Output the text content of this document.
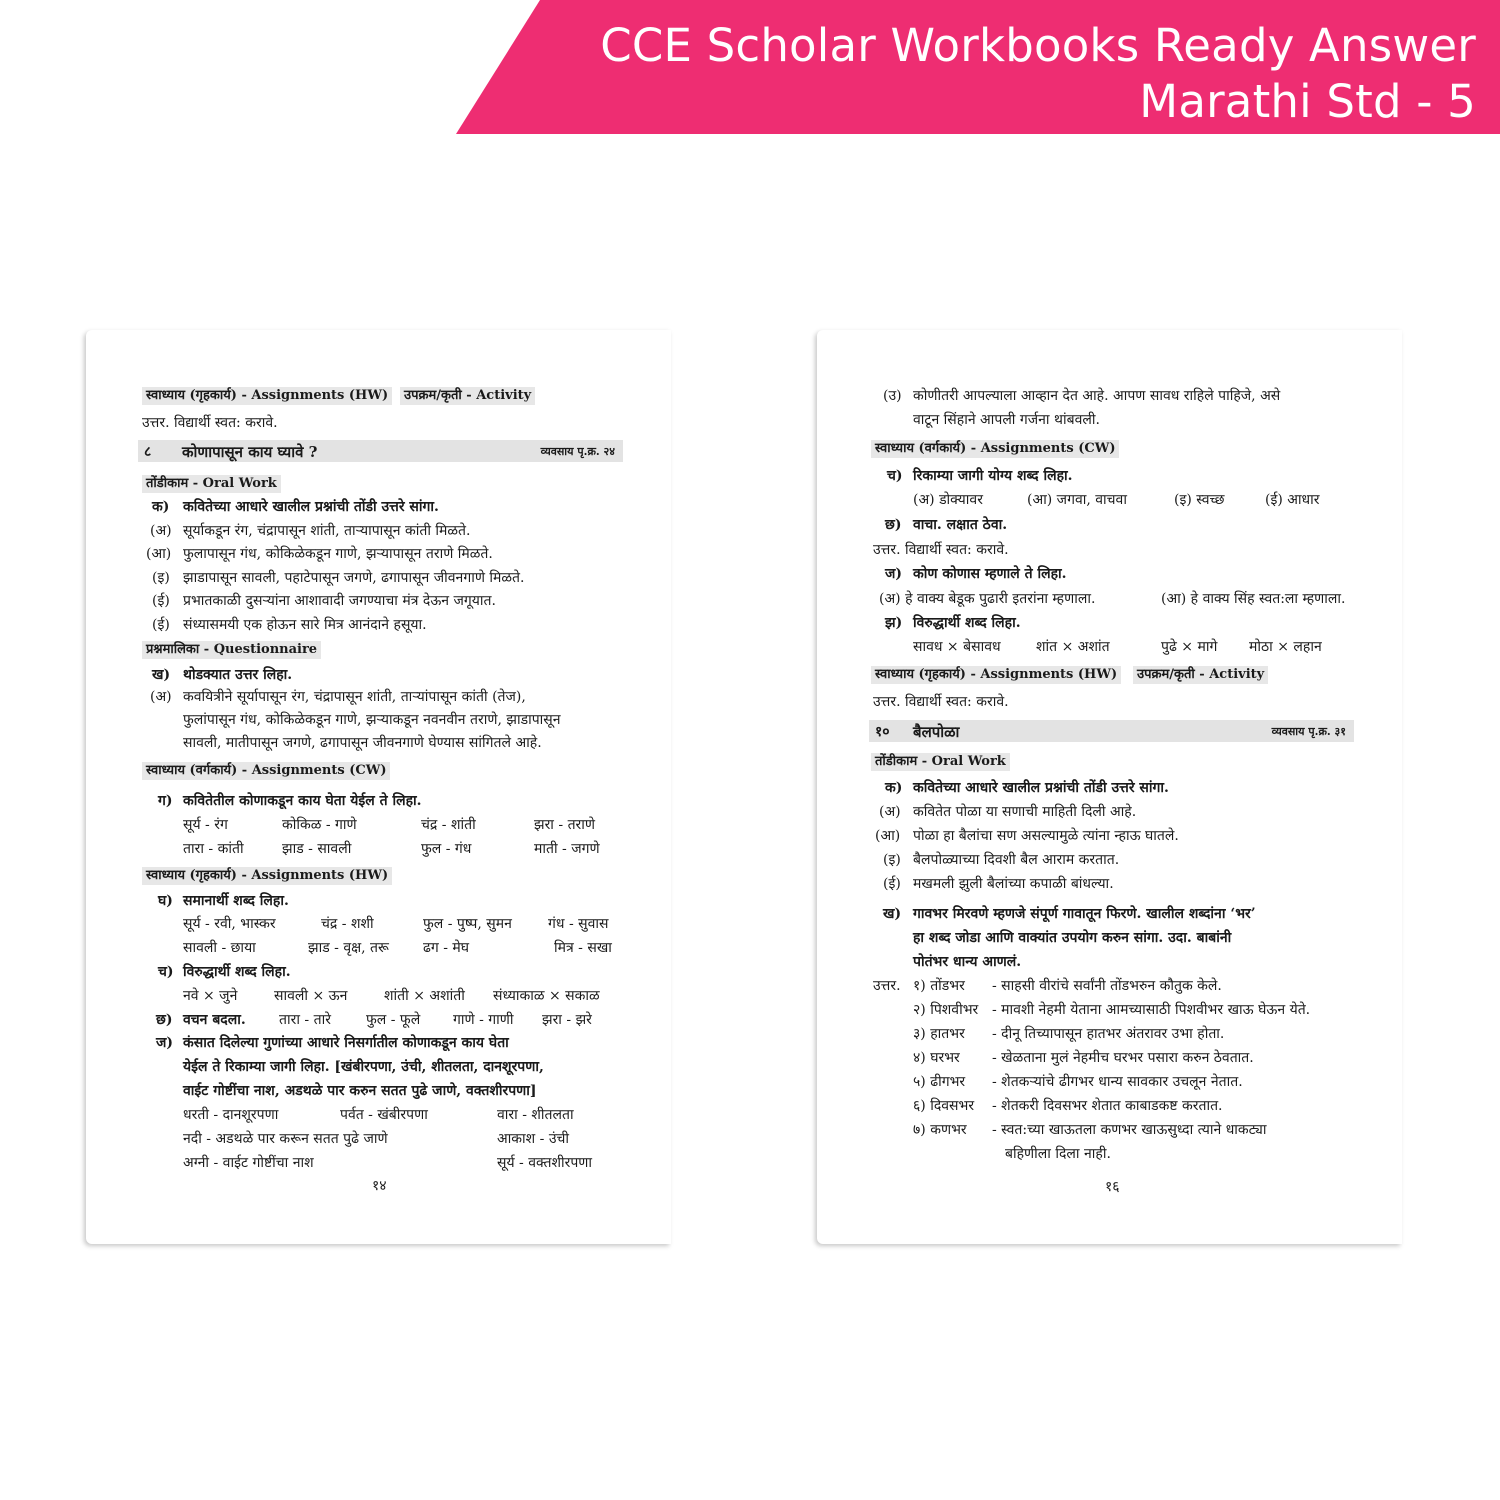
CCE Scholar Workbooks Ready Answer
Marathi Std - 5
स्वाध्याय (गृहकार्य) - Assignments (HW)	उपक्रम/कृती - Activity
उत्तर. विद्यार्थी स्वत: करावे.
८ कोणापासून काय घ्यावे ?	व्यवसाय पृ.क्र. २४
तोंडीकाम - Oral Work
क) कवितेच्या आधारे खालील प्रश्नांची तोंडी उत्तरे सांगा.
(अ) सूर्याकडून रंग, चंद्रापासून शांती, ताऱ्यापासून कांती मिळते.
(आ) फुलापासून गंध, कोकिळेकडून गाणे, झऱ्यापासून तराणे मिळते.
(इ) झाडापासून सावली, पहाटेपासून जगणे, ढगापासून जीवनगाणे मिळते.
(ई) प्रभातकाळी दुसऱ्यांना आशावादी जगण्याचा मंत्र देऊन जगूयात.
(ई) संध्यासमयी एक होऊन सारे मित्र आनंदाने हसूया.
प्रश्नमालिका - Questionnaire
ख) थोडक्यात उत्तर लिहा.
(अ) कवयित्रीने सूर्यापासून रंग, चंद्रापासून शांती, ताऱ्यांपासून कांती (तेज),
फुलांपासून गंध, कोकिळेकडून गाणे, झऱ्याकडून नवनवीन तराणे, झाडापासून
सावली, मातीपासून जगणे, ढगापासून जीवनगाणे घेण्यास सांगितले आहे.
स्वाध्याय (वर्गकार्य) - Assignments (CW)
ग) कवितेतील कोणाकडून काय घेता येईल ते लिहा.
सूर्य - रंग	कोकिळ - गाणे	चंद्र - शांती	झरा - तराणे
तारा - कांती	झाड - सावली	फुल - गंध	माती - जगणे
स्वाध्याय (गृहकार्य) - Assignments (HW)
घ) समानार्थी शब्द लिहा.
सूर्य - रवी, भास्कर	चंद्र - शशी	फुल - पुष्प, सुमन	गंध - सुवास
सावली - छाया	झाड - वृक्ष, तरू ढग - मेघ	मित्र - सखा
च) विरुद्धार्थी शब्द लिहा.
नवे × जुने	सावली × ऊन	शांती × अशांती संध्याकाळ × सकाळ
छ) वचन बदला. तारा - तारे	फुल - फूले गाणे - गाणी झरा - झरे
ज) कंसात दिलेल्या गुणांच्या आधारे निसर्गातील कोणाकडून काय घेता
येईल ते रिकाम्या जागी लिहा. [खंबीरपणा, उंची, शीतलता, दानशूरपणा,
वाईट गोष्टींचा नाश, अडथळे पार करुन सतत पुढे जाणे, वक्तशीरपणा]
धरती - दानशूरपणा	पर्वत - खंबीरपणा	वारा - शीतलता
नदी - अडथळे पार करून सतत पुढे जाणे	आकाश - उंची
अग्नी - वाईट गोष्टींचा नाश	सूर्य - वक्तशीरपणा
१४
(उ) कोणीतरी आपल्याला आव्हान देत आहे. आपण सावध राहिले पाहिजे, असे
वाटून सिंहाने आपली गर्जना थांबवली.
स्वाध्याय (वर्गकार्य) - Assignments (CW)
च) रिकाम्या जागी योग्य शब्द लिहा.
(अ) डोक्यावर	(आ) जगवा, वाचवा	(इ) स्वच्छ	(ई) आधार
छ) वाचा. लक्षात ठेवा.
उत्तर. विद्यार्थी स्वत: करावे.
ज) कोण कोणास म्हणाले ते लिहा.
(अ) हे वाक्य बेडूक पुढारी इतरांना म्हणाला.	(आ) हे वाक्य सिंह स्वत:ला म्हणाला.
झ) विरुद्धार्थी शब्द लिहा.
सावध × बेसावध	शांत × अशांत	पुढे × मागे मोठा × लहान
स्वाध्याय (गृहकार्य) - Assignments (HW)	उपक्रम/कृती - Activity
उत्तर. विद्यार्थी स्वत: करावे.
१० बैलपोळा	व्यवसाय पृ.क्र. ३१
तोंडीकाम - Oral Work
क) कवितेच्या आधारे खालील प्रश्नांची तोंडी उत्तरे सांगा.
(अ) कवितेत पोळा या सणाची माहिती दिली आहे.
(आ) पोळा हा बैलांचा सण असल्यामुळे त्यांना न्हाऊ घातले.
(इ) बैलपोळ्याच्या दिवशी बैल आराम करतात.
(ई) मखमली झुली बैलांच्या कपाळी बांधल्या.
ख) गावभर मिरवणे म्हणजे संपूर्ण गावातून फिरणे. खालील शब्दांना ‘भर’
हा शब्द जोडा आणि वाक्यांत उपयोग करुन सांगा. उदा. बाबांनी
पोतंभर धान्य आणलं.
उत्तर. १) तोंडभर - साहसी वीरांचे सर्वांनी तोंडभरुन कौतुक केले.
२) पिशवीभर - मावशी नेहमी येताना आमच्यासाठी पिशवीभर खाऊ घेऊन येते.
३) हातभर - दीनू तिच्यापासून हातभर अंतरावर उभा होता.
४) घरभर - खेळताना मुलं नेहमीच घरभर पसारा करुन ठेवतात.
५) ढीगभर - शेतकऱ्यांचे ढीगभर धान्य सावकार उचलून नेतात.
६) दिवसभर - शेतकरी दिवसभर शेतात काबाडकष्ट करतात.
७) कणभर - स्वत:च्या खाऊतला कणभर खाऊसुध्दा त्याने धाकट्या
बहिणीला दिला नाही.
१६
